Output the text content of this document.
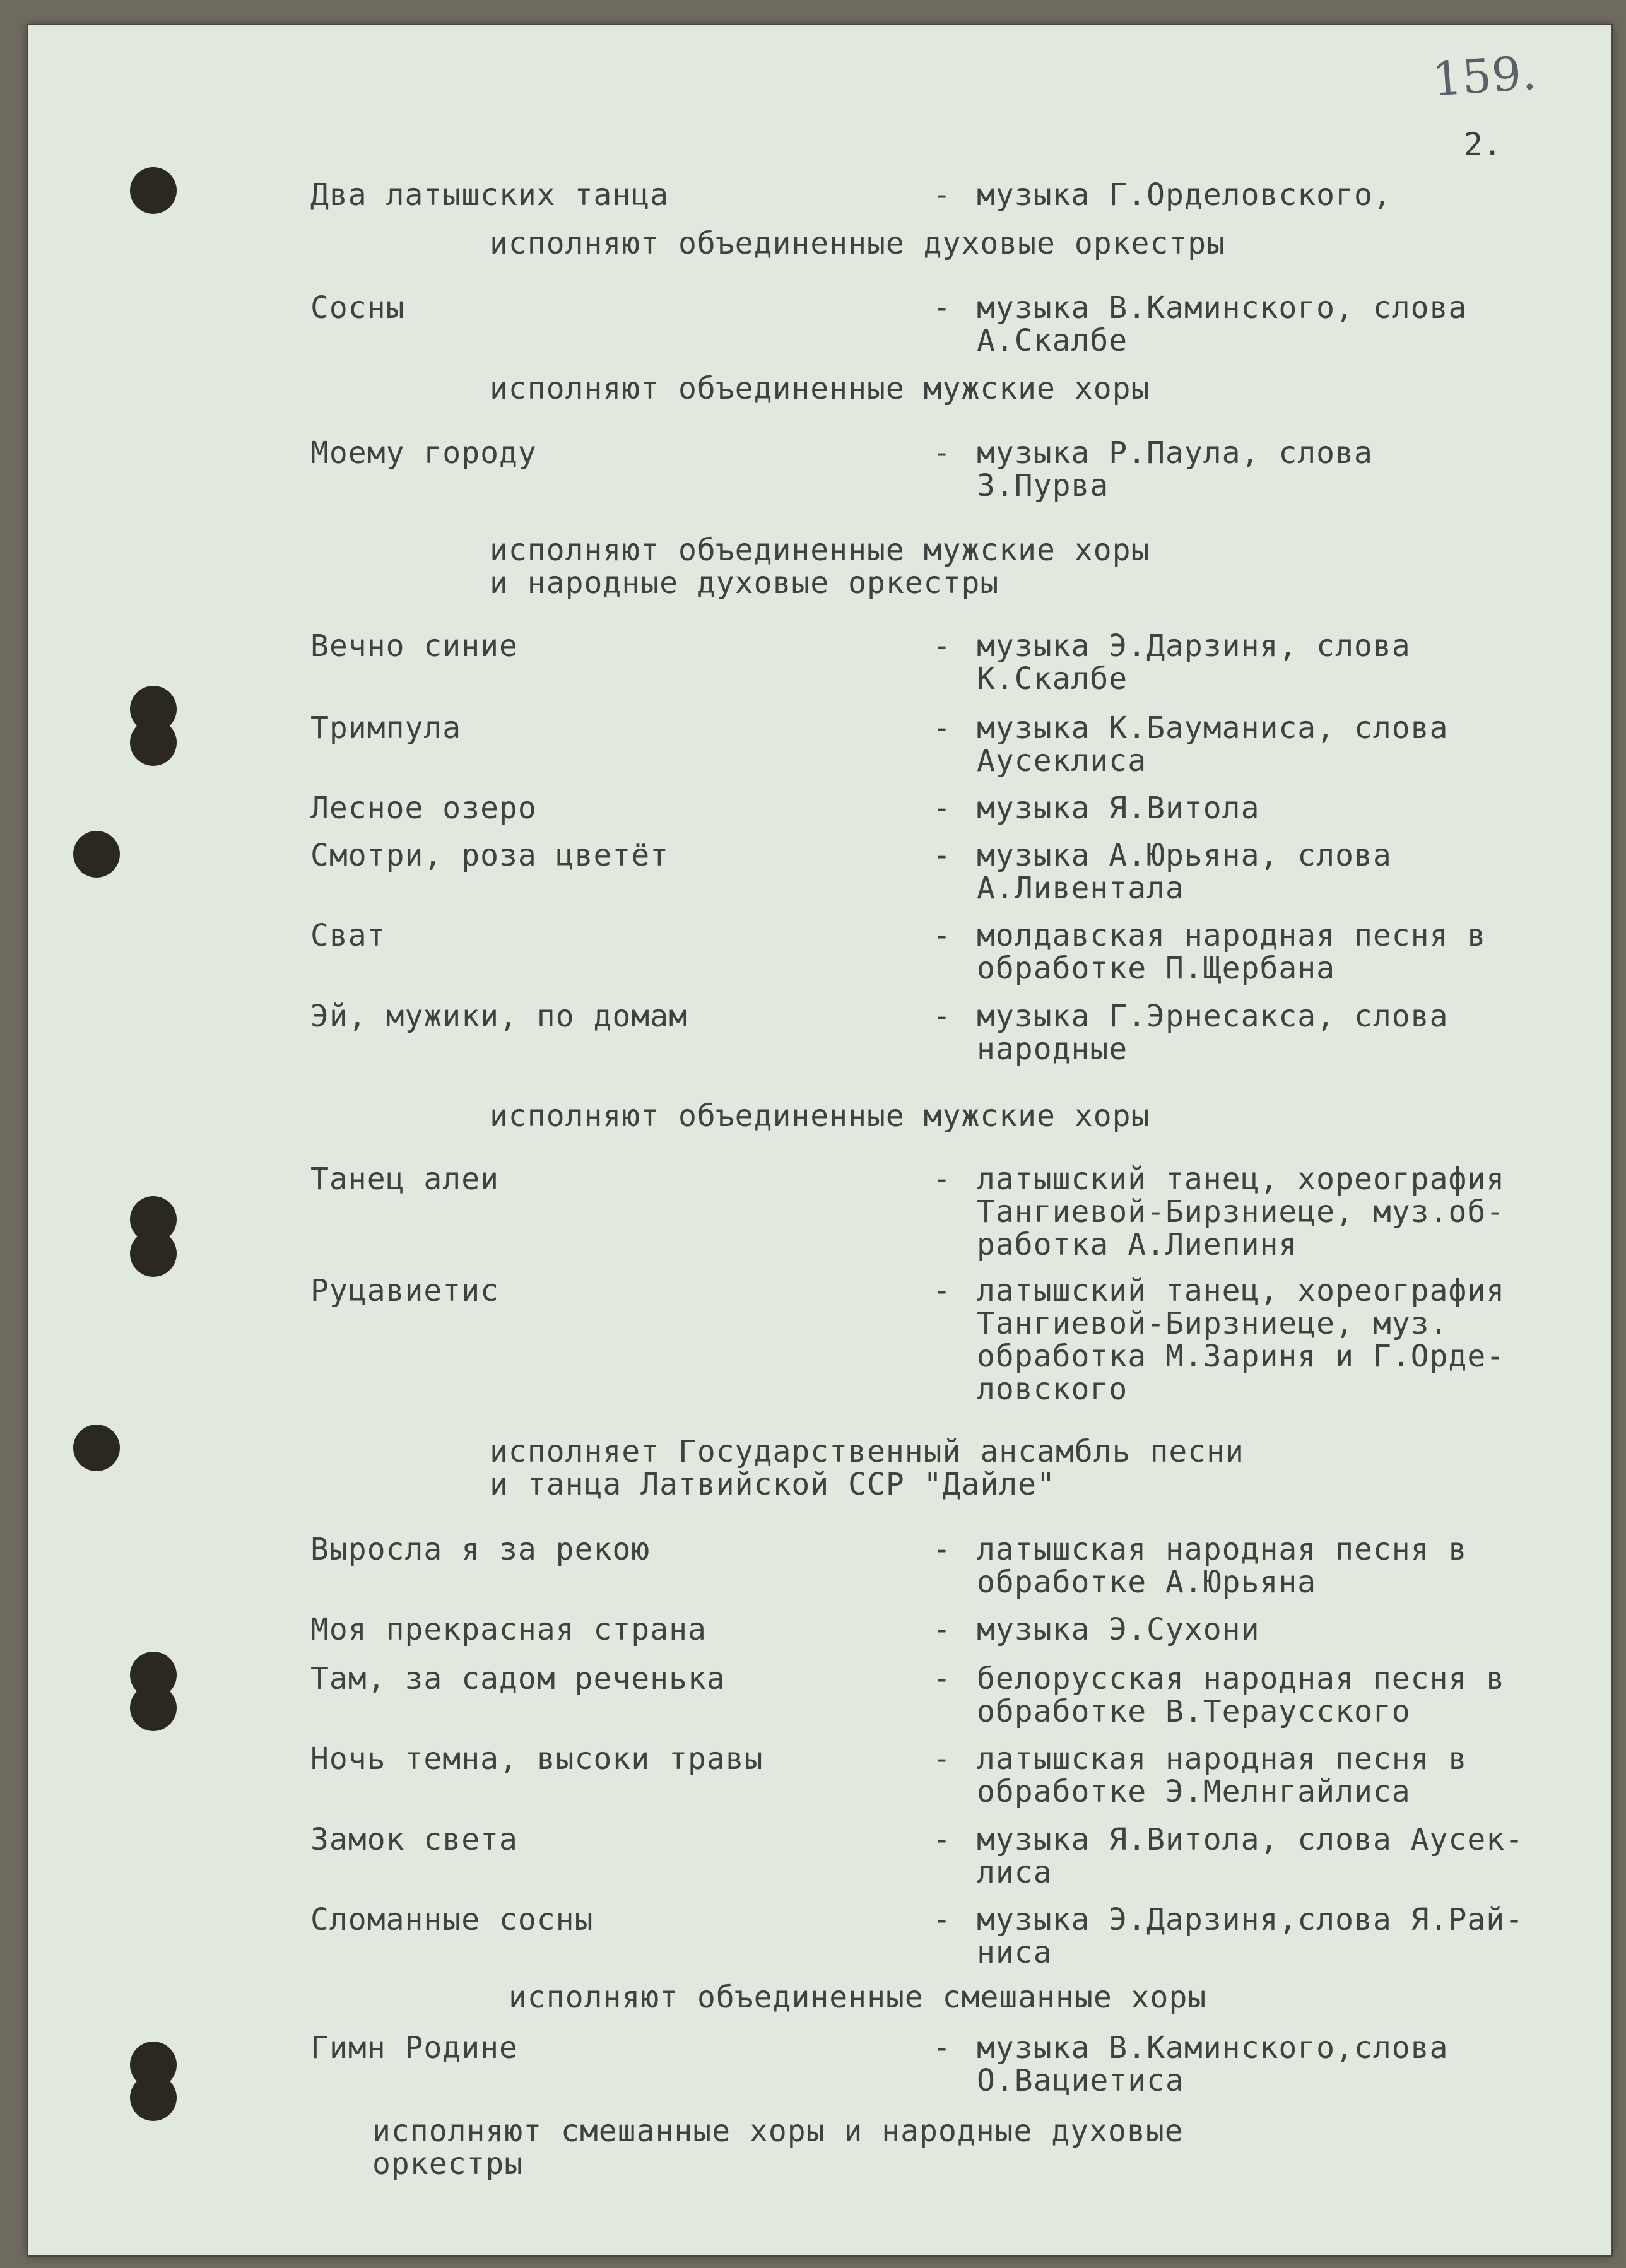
159.
2.
Два латышских танца	- музыка Г.Орделовского,
исполняют объединенные духовые оркестры
Сосны	- музыка В.Каминского, слова
А.Скалбе
исполняют объединенные мужские хоры
Моему городу	- музыка Р.Паула, слова
З.Пурва
исполняют объединенные мужские хоры
и народные духовые оркестры
Вечно синие	- музыка Э.Дарзиня, слова
К.Скалбе
Тримпула	- музыка К.Бауманиса, слова
Аусеклиса
Лесное озеро	- музыка Я.Витола
Смотри, роза цветёт	- музыка А.Юрьяна, слова
А.Ливентала
Сват	- молдавская народная песня в
обработке П.Щербана
Эй, мужики, по домам	- музыка Г.Эрнесакса, слова
народные
исполняют объединенные мужские хоры
Танец алеи	- латышский танец, хореография
Тангиевой-Бирзниеце, муз.об-
работка А.Лиепиня
Руцавиетис	- латышский танец, хореография
Тангиевой-Бирзниеце, муз.
обработка М.Зариня и Г.Орде-
ловского
исполняет Государственный ансамбль песни
и танца Латвийской ССР "Дайле"
Выросла я за рекою	- латышская народная песня в
обработке А.Юрьяна
Моя прекрасная страна	- музыка Э.Сухони
Там, за садом реченька	- белорусская народная песня в
обработке В.Тераусского
Ночь темна, высоки травы	- латышская народная песня в
обработке Э.Мелнгайлиса
Замок света	- музыка Я.Витола, слова Аусек-
лиса
Сломанные сосны	- музыка Э.Дарзиня,слова Я.Рай-
ниса
исполняют объединенные смешанные хоры
Гимн Родине	- музыка В.Каминского,слова
О.Вациетиса
исполняют смешанные хоры и народные духовые
оркестры
